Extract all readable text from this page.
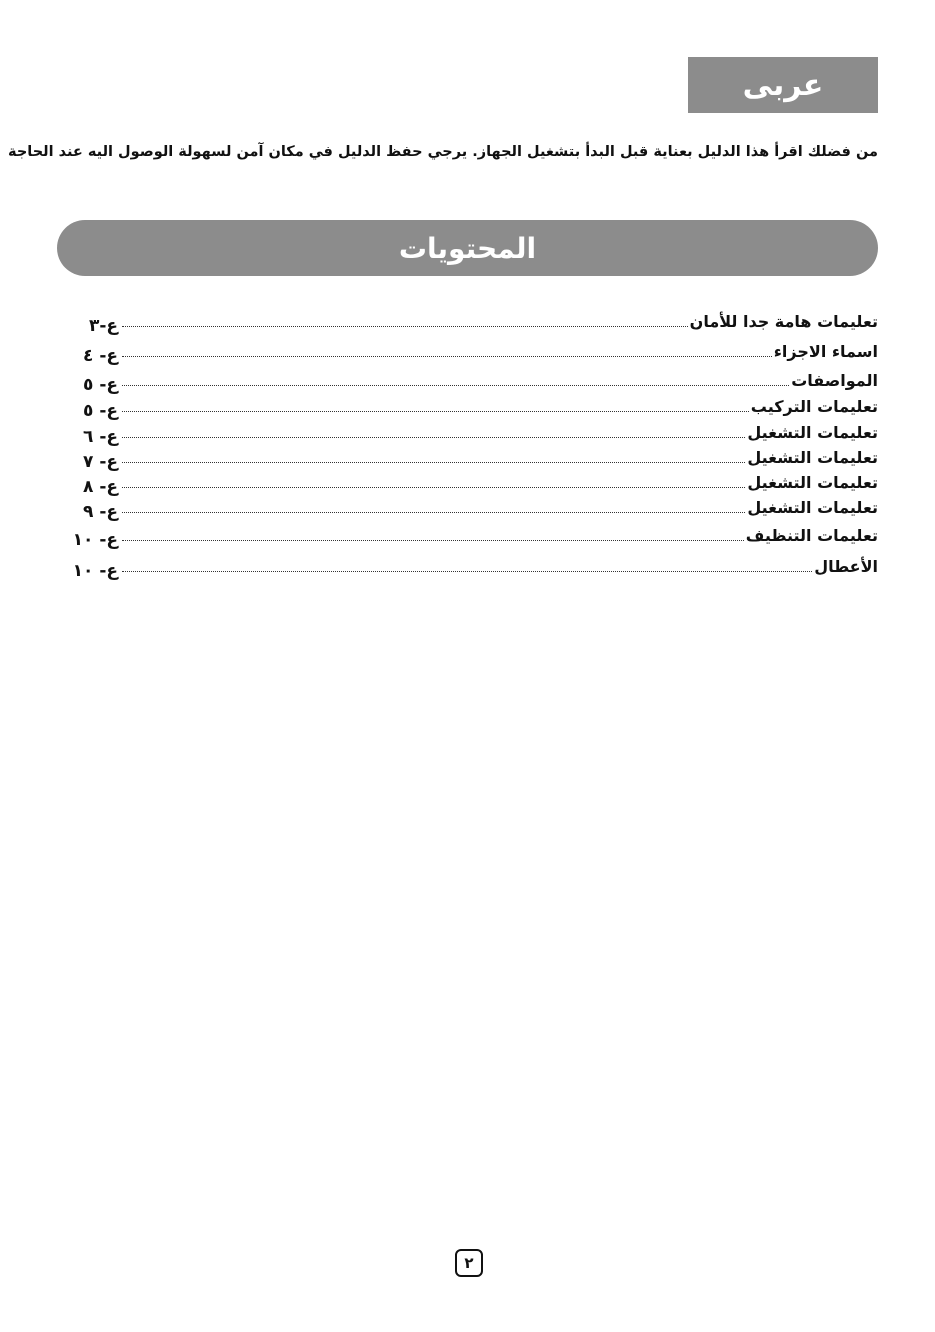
عربى
من فضلك اقرأ هذا الدليل بعناية قبل البدأ بتشغيل الجهاز. يرجي حفظ الدليل في مكان آمن لسهولة الوصول اليه عند الحاجة
المحتويات
تعليمات هامة جدا للأمان
ع-٣
اسماء الاجزاء
ع- ٤
المواصفات
ع- ٥
تعليمات التركيب
ع- ٥
تعليمات التشغيل
ع- ٦
تعليمات التشغيل
ع- ٧
تعليمات التشغيل
ع- ٨
تعليمات التشغيل
ع- ٩
تعليمات التنظيف
ع- ١٠
الأعطال
ع- ١٠
٢
